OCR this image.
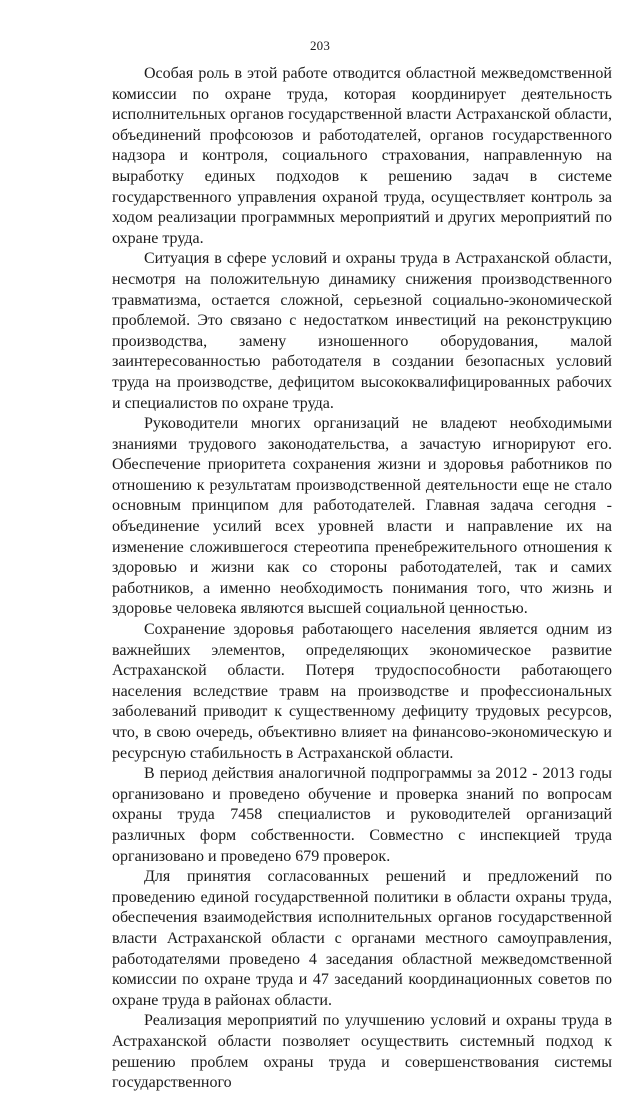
203

Особая роль в этой работе отводится областной межведомственной комиссии по охране труда, которая координирует деятельность исполнительных органов государственной власти Астраханской области, объединений профсоюзов и работодателей, органов государственного надзора и контроля, социального страхования, направленную на выработку единых подходов к решению задач в системе государственного управления охраной труда, осуществляет контроль за ходом реализации программных мероприятий и других мероприятий по охране труда.

Ситуация в сфере условий и охраны труда в Астраханской области, несмотря на положительную динамику снижения производственного травматизма, остается сложной, серьезной социально-экономической проблемой. Это связано с недостатком инвестиций на реконструкцию производства, замену изношенного оборудования, малой заинтересованностью работодателя в создании безопасных условий труда на производстве, дефицитом высококвалифицированных рабочих и специалистов по охране труда.

Руководители многих организаций не владеют необходимыми знаниями трудового законодательства, а зачастую игнорируют его. Обеспечение приоритета сохранения жизни и здоровья работников по отношению к результатам производственной деятельности еще не стало основным принципом для работодателей. Главная задача сегодня - объединение усилий всех уровней власти и направление их на изменение сложившегося стереотипа пренебрежительного отношения к здоровью и жизни как со стороны работодателей, так и самих работников, а именно необходимость понимания того, что жизнь и здоровье человека являются высшей социальной ценностью.

Сохранение здоровья работающего населения является одним из важнейших элементов, определяющих экономическое развитие Астраханской области. Потеря трудоспособности работающего населения вследствие травм на производстве и профессиональных заболеваний приводит к существенному дефициту трудовых ресурсов, что, в свою очередь, объективно влияет на финансово-экономическую и ресурсную стабильность в Астраханской области.

В период действия аналогичной подпрограммы за 2012 - 2013 годы организовано и проведено обучение и проверка знаний по вопросам охраны труда 7458 специалистов и руководителей организаций различных форм собственности. Совместно с инспекцией труда организовано и проведено 679 проверок.

Для принятия согласованных решений и предложений по проведению единой государственной политики в области охраны труда, обеспечения взаимодействия исполнительных органов государственной власти Астраханской области с органами местного самоуправления, работодателями проведено 4 заседания областной межведомственной комиссии по охране труда и 47 заседаний координационных советов по охране труда в районах области.

Реализация мероприятий по улучшению условий и охраны труда в Астраханской области позволяет осуществить системный подход к решению проблем охраны труда и совершенствования системы государственного
